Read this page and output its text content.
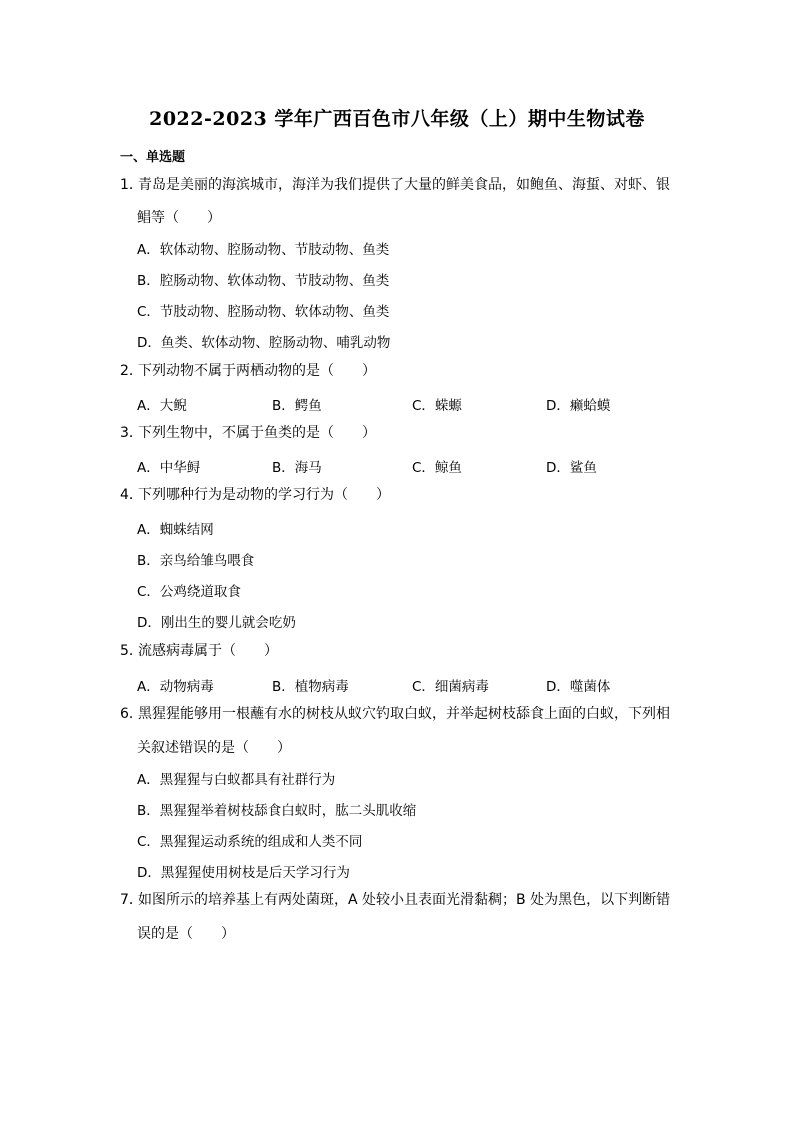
2022-2023 学年广西百色市八年级（上）期中生物试卷
一、单选题
1．青岛是美丽的海滨城市，海洋为我们提供了大量的鲜美食品，如鲍鱼、海蜇、对虾、银
鲳等（　　）
A．软体动物、腔肠动物、节肢动物、鱼类
B．腔肠动物、软体动物、节肢动物、鱼类
C．节肢动物、腔肠动物、软体动物、鱼类
D．鱼类、软体动物、腔肠动物、哺乳动物
2．下列动物不属于两栖动物的是（　　）
A．大鲵	B．鳄鱼	C．蝾螈	D．癞蛤蟆
3．下列生物中，不属于鱼类的是（　　）
A．中华鲟	B．海马	C．鲸鱼	D．鲨鱼
4．下列哪种行为是动物的学习行为（　　）
A．蜘蛛结网
B．亲鸟给雏鸟喂食
C．公鸡绕道取食
D．刚出生的婴儿就会吃奶
5．流感病毒属于（　　）
A．动物病毒	B．植物病毒	C．细菌病毒	D．噬菌体
6．黑猩猩能够用一根蘸有水的树枝从蚁穴钓取白蚁，并举起树枝舔食上面的白蚁，下列相
关叙述错误的是（　　）
A．黑猩猩与白蚁都具有社群行为
B．黑猩猩举着树枝舔食白蚁时，肱二头肌收缩
C．黑猩猩运动系统的组成和人类不同
D．黑猩猩使用树枝是后天学习行为
7．如图所示的培养基上有两处菌斑，A 处较小且表面光滑黏稠；B 处为黑色，以下判断错
误的是（　　）
